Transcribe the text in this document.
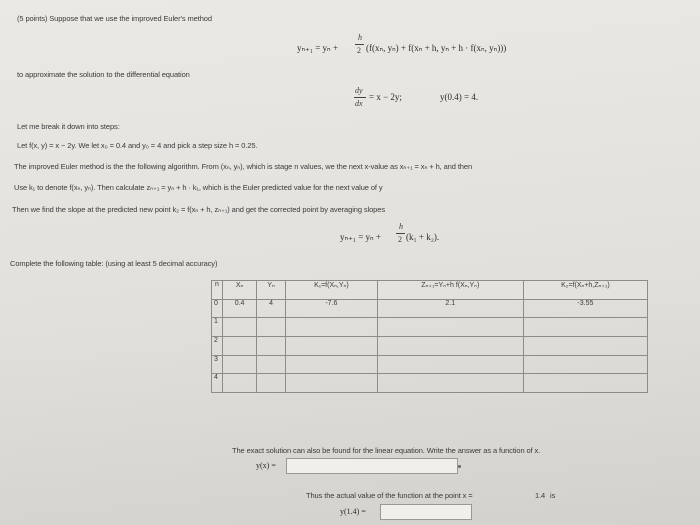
(5 points) Suppose that we use the improved Euler's method
yₙ₊₁ = yₙ +
h
2 (f(xₙ, yₙ) + f(xₙ + h, yₙ + h · f(xₙ, yₙ)))
to approximate the solution to the differential equation
dy
dx
= x − 2y;	y(0.4) = 4.
Let me break it down into steps:
Let f(x, y) = x − 2y. We let x₀ = 0.4 and y₀ = 4 and pick a step size h = 0.25.
The improved Euler method is the the following algorithm. From (xₙ, yₙ), which is stage n values, we the next x-value as xₙ₊₁ = xₙ + h, and then
Use k₁ to denote f(xₙ, yₙ). Then calculate zₙ₊₁ = yₙ + h · k₁, which is the Euler predicted value for the next value of y
Then we find the slope at the predicted new point k₂ = f(xₙ + h, zₙ₊₁) and get the corrected point by averaging slopes
yₙ₊₁ = yₙ +
h
2 (k₁ + k₂).
Complete the following table: (using at least 5 decimal accuracy)
n	Xₙ	Yₙ	K₁=f(Xₙ,Yₙ)	Zₙ₊₁=Yₙ+h f(Xₙ,Yₙ)	K₂=f(Xₙ+h,Zₙ₊₁)
0	0.4	4	-7.6	2.1	-3.55
1					
2					
3					
4					
The exact solution can also be found for the linear equation. Write the answer as a function of x.
y(x) =
Thus the actual value of the function at the point x =	1.4 is
y(1.4) =
